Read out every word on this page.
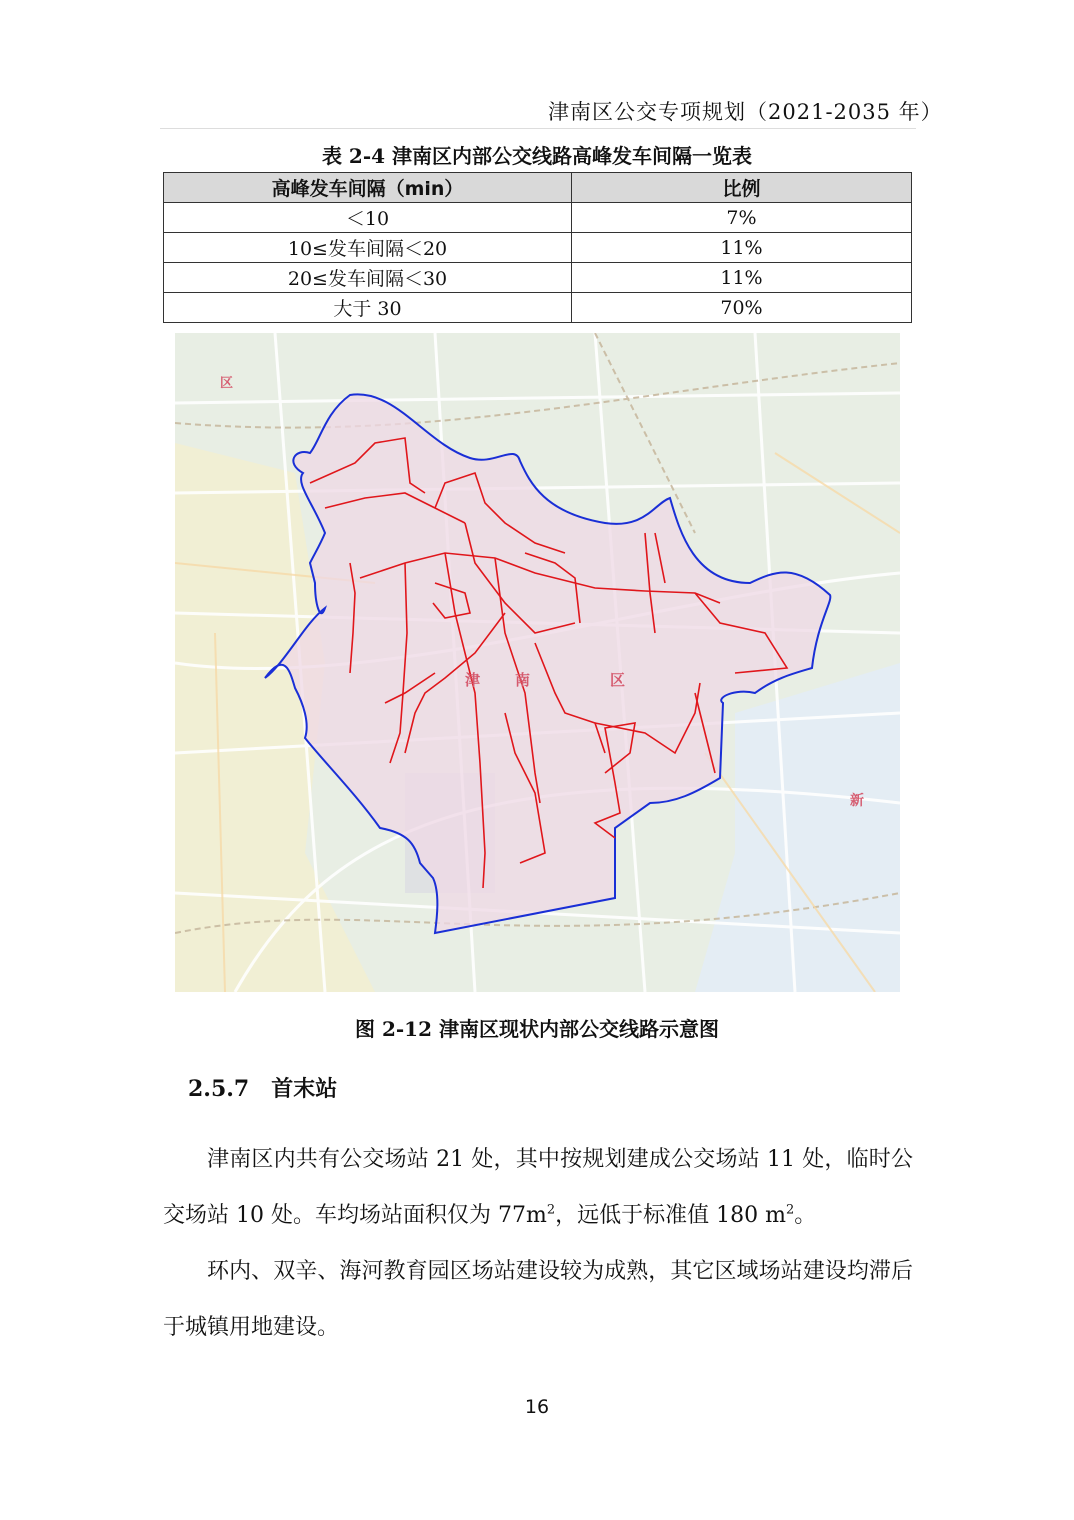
津南区公交专项规划（2021-2035 年）
表 2-4 津南区内部公交线路高峰发车间隔一览表
高峰发车间隔（min）	比例
＜10	7%
10≤发车间隔＜20	11%
20≤发车间隔＜30	11%
大于 30	70%
津 南	区
区
新
图 2-12 津南区现状内部公交线路示意图
2.5.7  首末站

津南区内共有公交场站 21 处，其中按规划建成公交场站 11 处，临时公交场站 10 处。车均场站面积仅为 $77m^2$，远低于标准值 180 $m^2$。

环内、双辛、海河教育园区场站建设较为成熟，其它区域场站建设均滞后于城镇用地建设。

16
